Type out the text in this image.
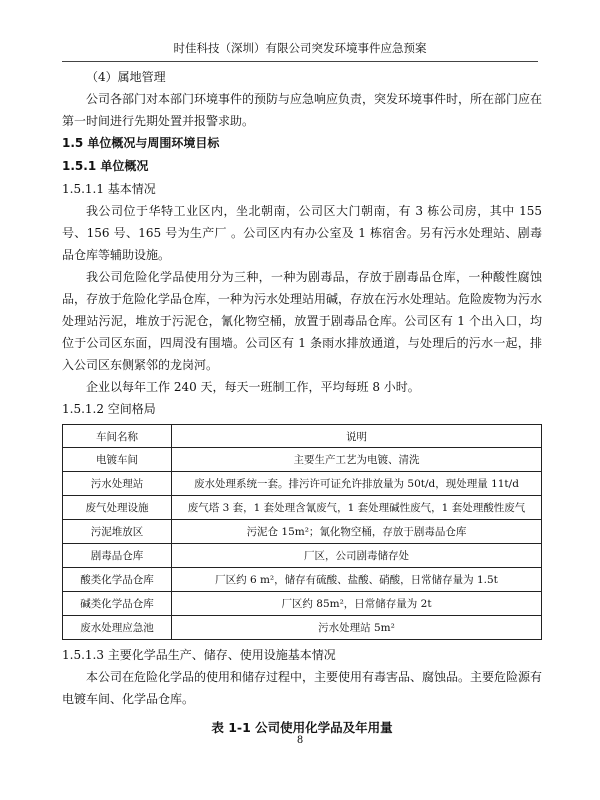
时佳科技（深圳）有限公司突发环境事件应急预案
（4）属地管理

公司各部门对本部门环境事件的预防与应急响应负责，突发环境事件时，所在部门应在第一时间进行先期处置并报警求助。

1.5 单位概况与周围环境目标
1.5.1 单位概况
1.5.1.1 基本情况

我公司位于华特工业区内，坐北朝南，公司区大门朝南，有 3 栋公司房，其中 155 号、156 号、165 号为生产厂 。公司区内有办公室及 1 栋宿舍。另有污水处理站、剧毒品仓库等辅助设施。

我公司危险化学品使用分为三种，一种为剧毒品，存放于剧毒品仓库，一种酸性腐蚀品，存放于危险化学品仓库，一种为污水处理站用碱，存放在污水处理站。危险废物为污水处理站污泥，堆放于污泥仓，氰化物空桶，放置于剧毒品仓库。公司区有 1 个出入口，均位于公司区东面，四周没有围墙。公司区有 1 条雨水排放通道，与处理后的污水一起，排入公司区东侧紧邻的龙岗河。

企业以每年工作 240 天，每天一班制工作，平均每班 8 小时。

1.5.1.2 空间格局
车间名称	说明
电镀车间	主要生产工艺为电镀、清洗
污水处理站	废水处理系统一套。排污许可证允许排放量为 50t/d，现处理量 11t/d
废气处理设施	废气塔 3 套，1 套处理含氰废气，1 套处理碱性废气，1 套处理酸性废气
污泥堆放区	污泥仓 15m²；氰化物空桶，存放于剧毒品仓库
剧毒品仓库	厂区，公司剧毒储存处
酸类化学品仓库	厂区约 6 m²，储存有硫酸、盐酸、硝酸，日常储存量为 1.5t
碱类化学品仓库	厂区约 85m²，日常储存量为 2t
废水处理应急池	污水处理站 5m²
1.5.1.3 主要化学品生产、储存、使用设施基本情况

本公司在危险化学品的使用和储存过程中，主要使用有毒害品、腐蚀品。主要危险源有电镀车间、化学品仓库。

表 1-1 公司使用化学品及年用量
8
